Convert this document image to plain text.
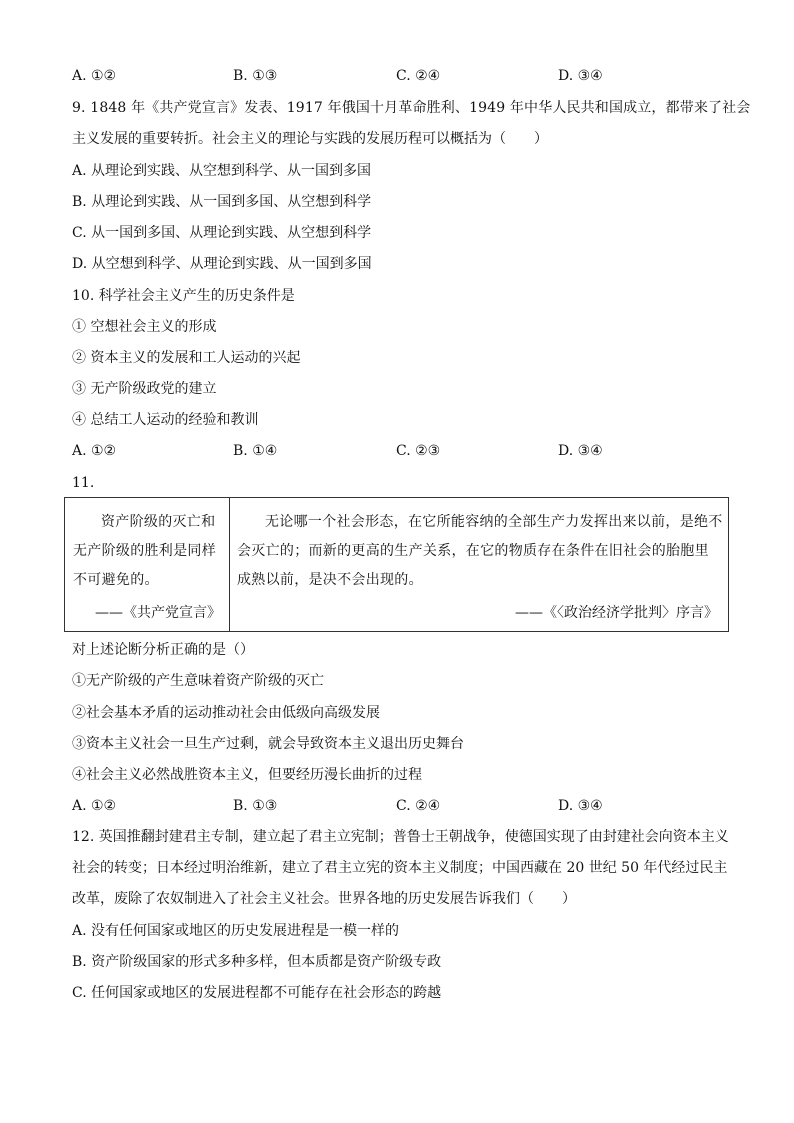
A. ①②	B. ①③	C. ②④	D. ③④
9. 1848 年《共产党宣言》发表、1917 年俄国十月革命胜利、1949 年中华人民共和国成立，都带来了社会
主义发展的重要转折。社会主义的理论与实践的发展历程可以概括为（　　）
A. 从理论到实践、从空想到科学、从一国到多国
B. 从理论到实践、从一国到多国、从空想到科学
C. 从一国到多国、从理论到实践、从空想到科学
D. 从空想到科学、从理论到实践、从一国到多国
10. 科学社会主义产生的历史条件是
① 空想社会主义的形成
② 资本主义的发展和工人运动的兴起
③ 无产阶级政党的建立
④ 总结工人运动的经验和教训
A. ①②	B. ①④	C. ②③	D. ③④
11.

资产阶级的灭亡和无产阶级的胜利是同样不可避免的。

——《共产党宣言》

无论哪一个社会形态，在它所能容纳的全部生产力发挥出来以前，是绝不会灭亡的；而新的更高的生产关系，在它的物质存在条件在旧社会的胎胞里成熟以前，是决不会出现的。

——《〈政治经济学批判〉序言》
对上述论断分析正确的是（）
①无产阶级的产生意味着资产阶级的灭亡
②社会基本矛盾的运动推动社会由低级向高级发展
③资本主义社会一旦生产过剩，就会导致资本主义退出历史舞台
④社会主义必然战胜资本主义，但要经历漫长曲折的过程
A. ①②	B. ①③	C. ②④	D. ③④
12. 英国推翻封建君主专制，建立起了君主立宪制；普鲁士王朝战争，使德国实现了由封建社会向资本主义
社会的转变；日本经过明治维新，建立了君主立宪的资本主义制度；中国西藏在 20 世纪 50 年代经过民主
改革，废除了农奴制进入了社会主义社会。世界各地的历史发展告诉我们（　　）
A. 没有任何国家或地区的历史发展进程是一模一样的
B. 资产阶级国家的形式多种多样，但本质都是资产阶级专政
C. 任何国家或地区的发展进程都不可能存在社会形态的跨越
